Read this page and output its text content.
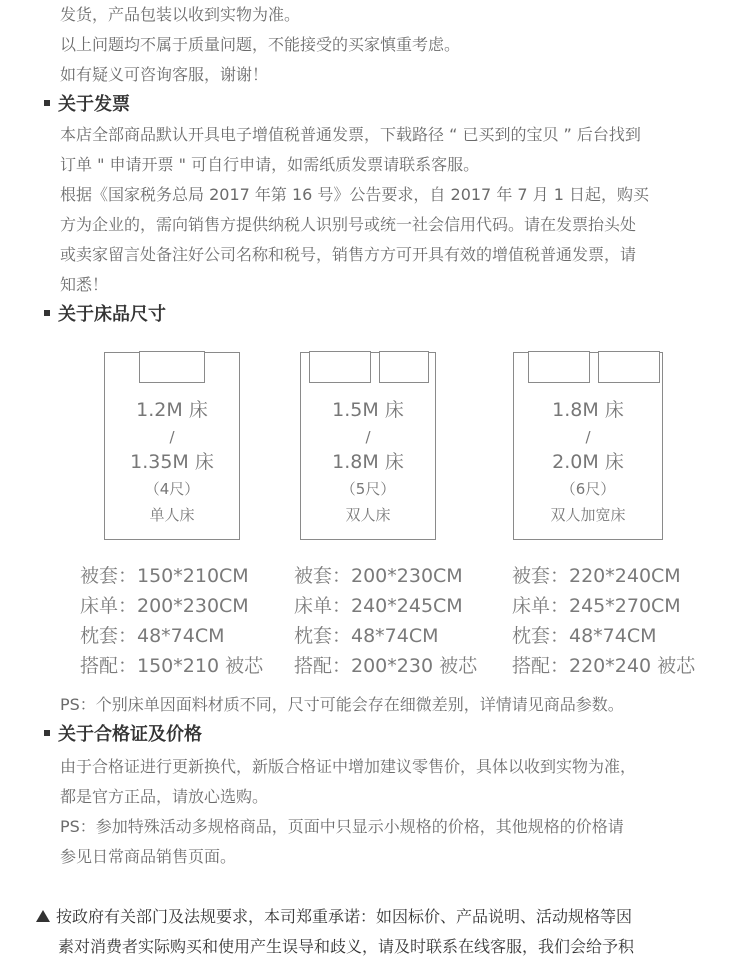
发货，产品包装以收到实物为准。
以上问题均不属于质量问题，不能接受的买家慎重考虑。
如有疑义可咨询客服，谢谢！
关于发票
本店全部商品默认开具电子增值税普通发票，下载路径 “ 已买到的宝贝 ” 后台找到
订单 " 申请开票 " 可自行申请，如需纸质发票请联系客服。
根据《国家税务总局 2017 年第 16 号》公告要求，自 2017 年 7 月 1 日起，购买
方为企业的，需向销售方提供纳税人识别号或统一社会信用代码。请在发票抬头处
或卖家留言处备注好公司名称和税号，销售方方可开具有效的增值税普通发票，请
知悉！
关于床品尺寸
1.2M 床
/
1.35M 床
（4尺）
单人床
1.5M 床
/
1.8M 床
（5尺）
双人床
1.8M 床
/
2.0M 床
（6尺）
双人加宽床
被套：150*210CM
床单：200*230CM
枕套：48*74CM
搭配：150*210 被芯
被套：200*230CM
床单：240*245CM
枕套：48*74CM
搭配：200*230 被芯
被套：220*240CM
床单：245*270CM
枕套：48*74CM
搭配：220*240 被芯
PS：个别床单因面料材质不同，尺寸可能会存在细微差别，详情请见商品参数。
关于合格证及价格
由于合格证进行更新换代，新版合格证中增加建议零售价，具体以收到实物为准，
都是官方正品，请放心选购。
PS：参加特殊活动多规格商品，页面中只显示小规格的价格，其他规格的价格请
参见日常商品销售页面。
按政府有关部门及法规要求，本司郑重承诺：如因标价、产品说明、活动规格等因
素对消费者实际购买和使用产生误导和歧义，请及时联系在线客服，我们会给予积
